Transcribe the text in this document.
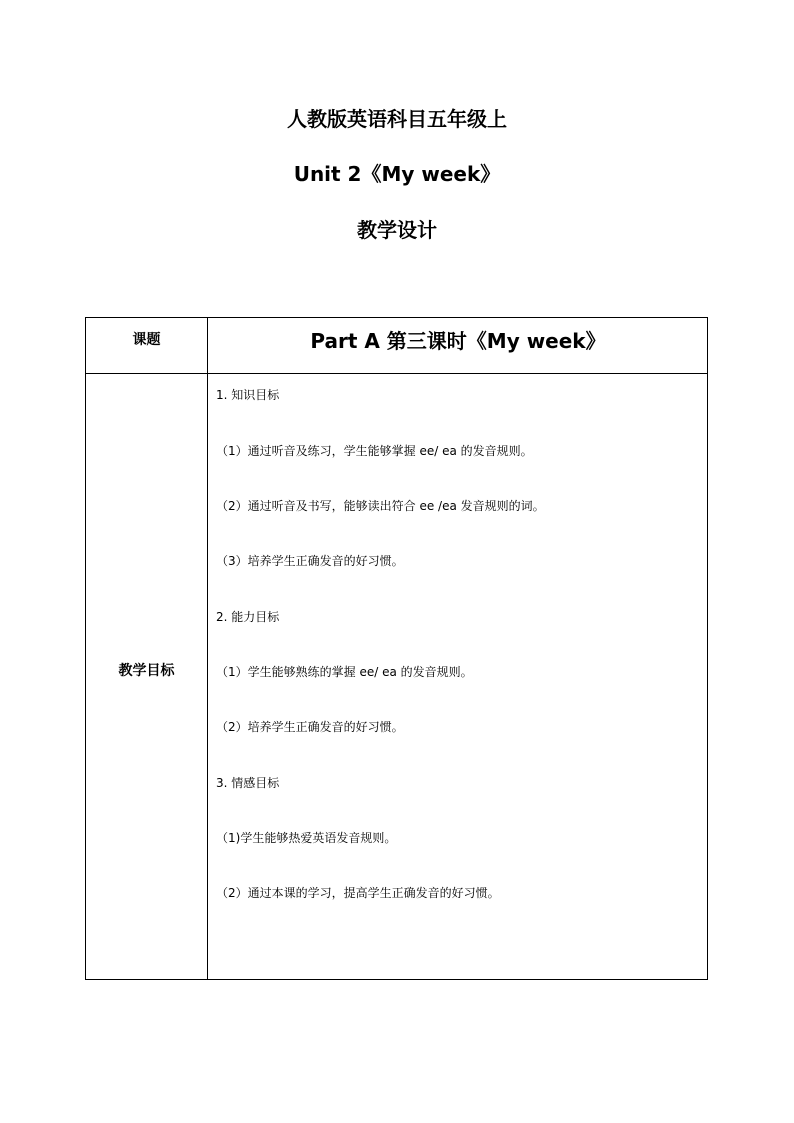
人教版英语科目五年级上
Unit 2《My week》
教学设计
课题	Part A 第三课时《My week》
教学目标
1. 知识目标
（1）通过听音及练习，学生能够掌握 ee/ ea 的发音规则。
（2）通过听音及书写，能够读出符合 ee /ea 发音规则的词。
（3）培养学生正确发音的好习惯。
2. 能力目标
（1）学生能够熟练的掌握 ee/ ea 的发音规则。
（2）培养学生正确发音的好习惯。
3. 情感目标
（1)学生能够热爱英语发音规则。
（2）通过本课的学习，提高学生正确发音的好习惯。
